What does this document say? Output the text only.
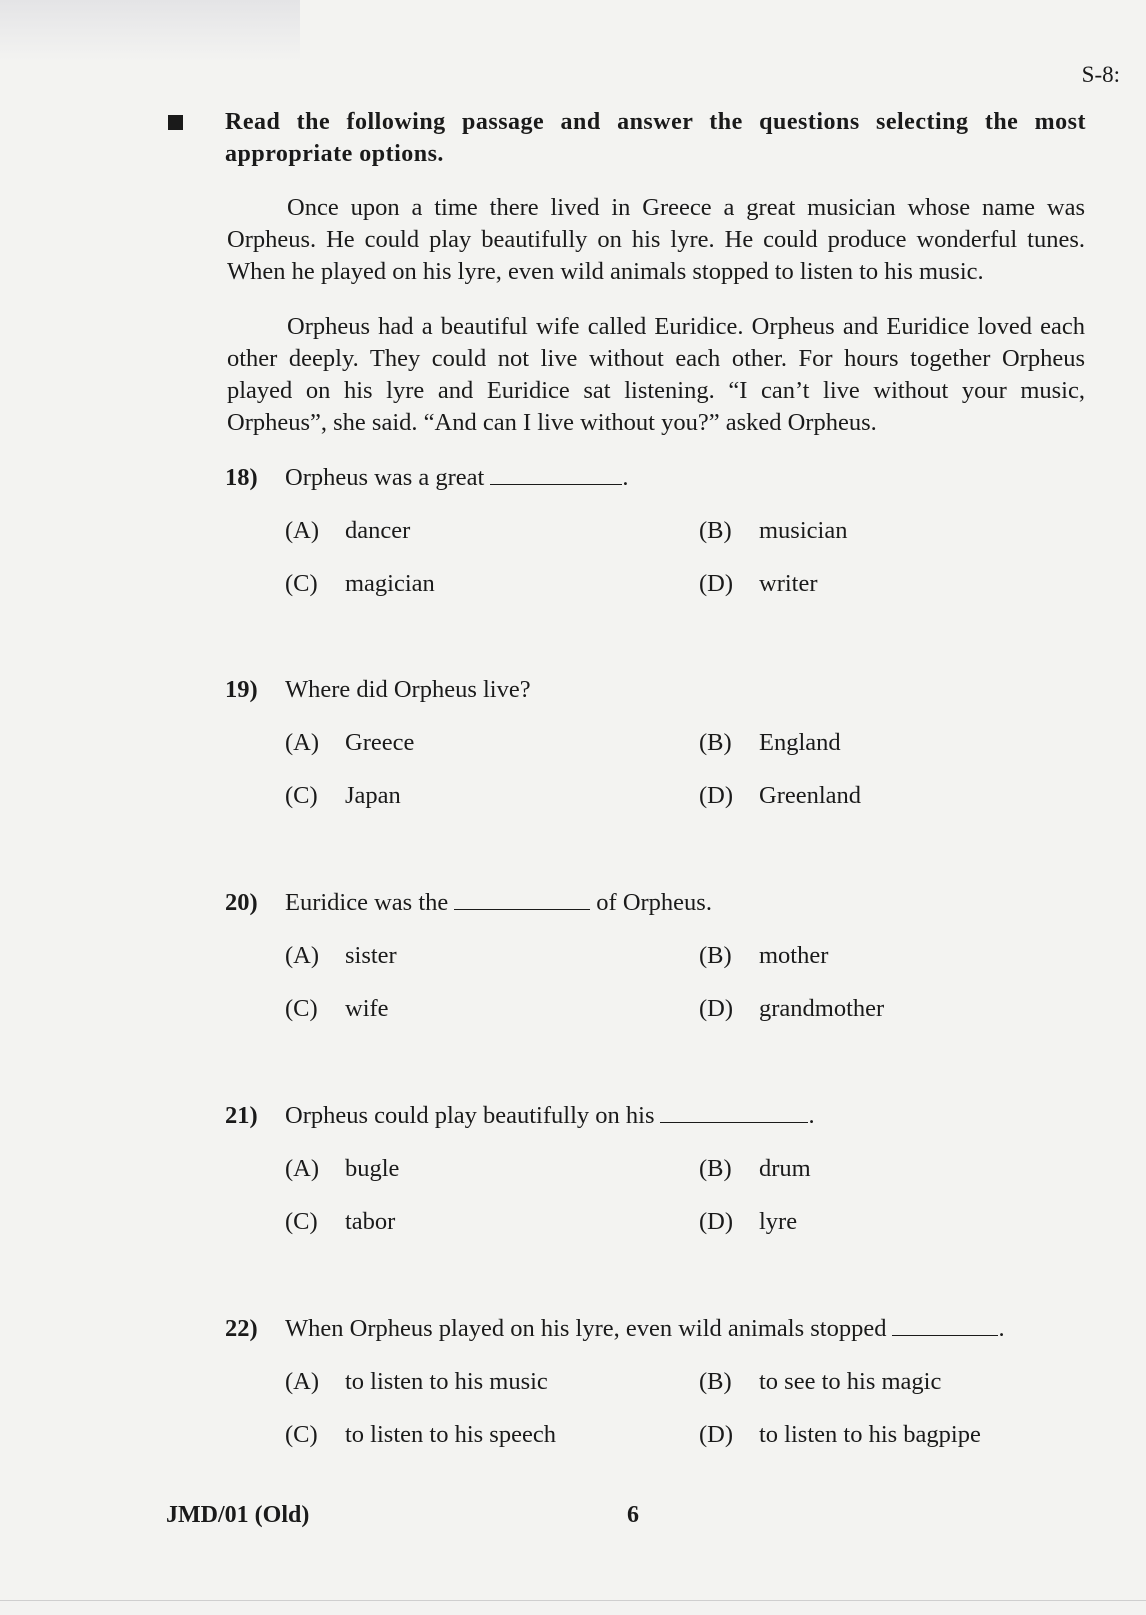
S-8:
Read the following passage and answer the questions selecting the most appropriate options.

Once upon a time there lived in Greece a great musician whose name was Orpheus. He could play beautifully on his lyre. He could produce wonderful tunes. When he played on his lyre, even wild animals stopped to listen to his music.

Orpheus had a beautiful wife called Euridice. Orpheus and Euridice loved each other deeply. They could not live without each other. For hours together Orpheus played on his lyre and Euridice sat listening. “I can’t live without your music, Orpheus”, she said. “And can I live without you?” asked Orpheus.

18) Orpheus was a great	.
(A) dancer	(B) musician
(C) magician	(D) writer
19) Where did Orpheus live?
(A) Greece	(B) England
(C) Japan	(D) Greenland
20) Euridice was the	of Orpheus.
(A) sister	(B) mother
(C) wife	(D) grandmother
21) Orpheus could play beautifully on his	.
(A) bugle	(B) drum
(C) tabor	(D) lyre
22) When Orpheus played on his lyre, even wild animals stopped	.
(A) to listen to his music	(B) to see to his magic
(C) to listen to his speech	(D) to listen to his bagpipe
JMD/01 (Old)	6
